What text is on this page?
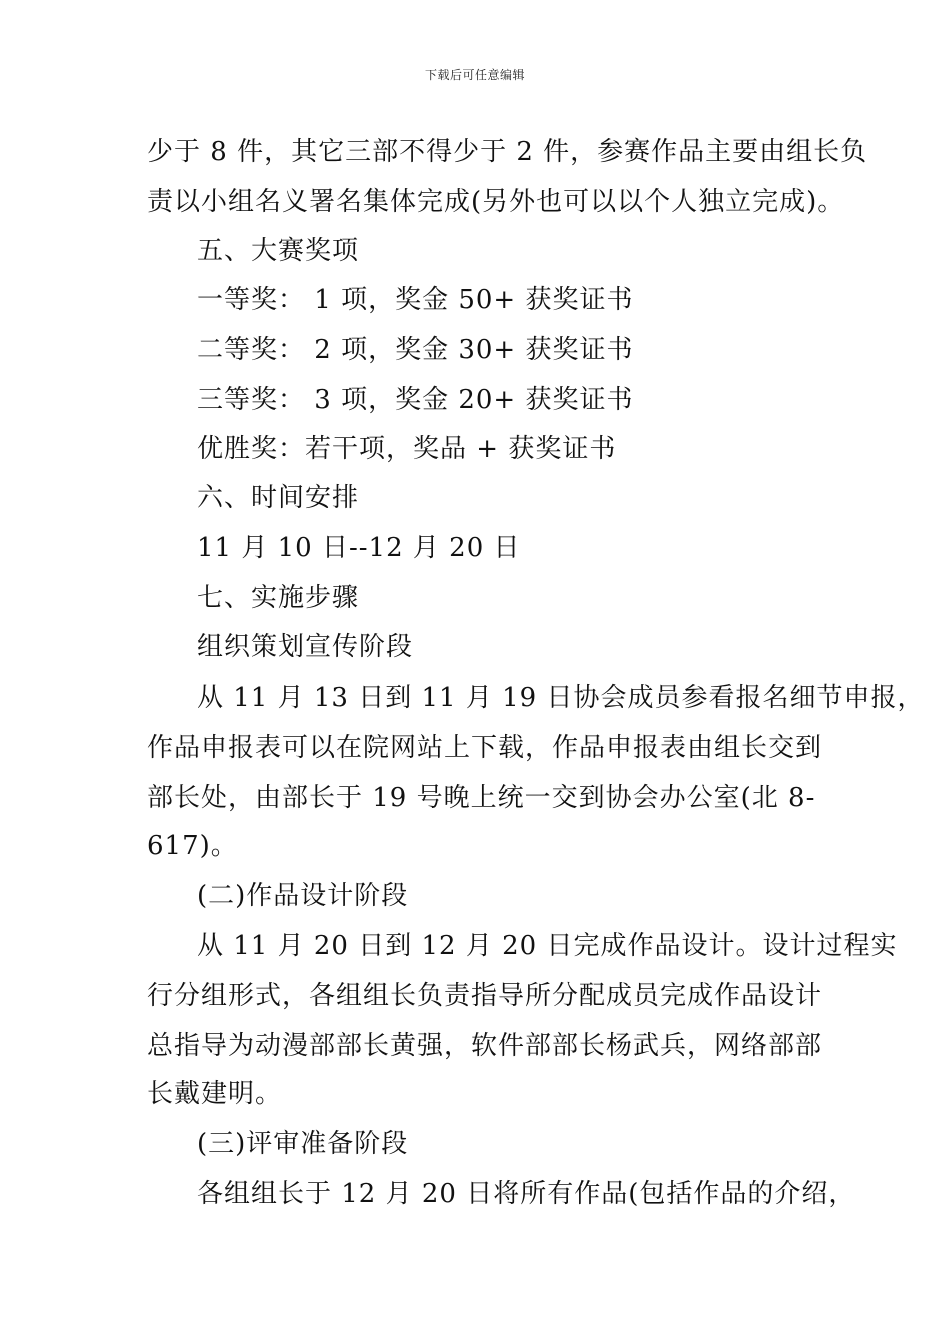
下载后可任意编辑
少于 8 件，其它三部不得少于 2 件，参赛作品主要由组长负
责以小组名义署名集体完成(另外也可以以个人独立完成)。
五、大赛奖项
一等奖： 1 项，奖金 50+ 获奖证书
二等奖： 2 项，奖金 30+ 获奖证书
三等奖： 3 项，奖金 20+ 获奖证书
优胜奖：若干项，奖品 + 获奖证书
六、时间安排
11 月 10 日--12 月 20 日
七、实施步骤
组织策划宣传阶段
从 11 月 13 日到 11 月 19 日协会成员参看报名细节申报，
作品申报表可以在院网站上下载，作品申报表由组长交到
部长处，由部长于 19 号晚上统一交到协会办公室(北 8-
617)。
(二)作品设计阶段
从 11 月 20 日到 12 月 20 日完成作品设计。设计过程实
行分组形式，各组组长负责指导所分配成员完成作品设计
总指导为动漫部部长黄强，软件部部长杨武兵，网络部部
长戴建明。
(三)评审准备阶段
各组组长于 12 月 20 日将所有作品(包括作品的介绍，
